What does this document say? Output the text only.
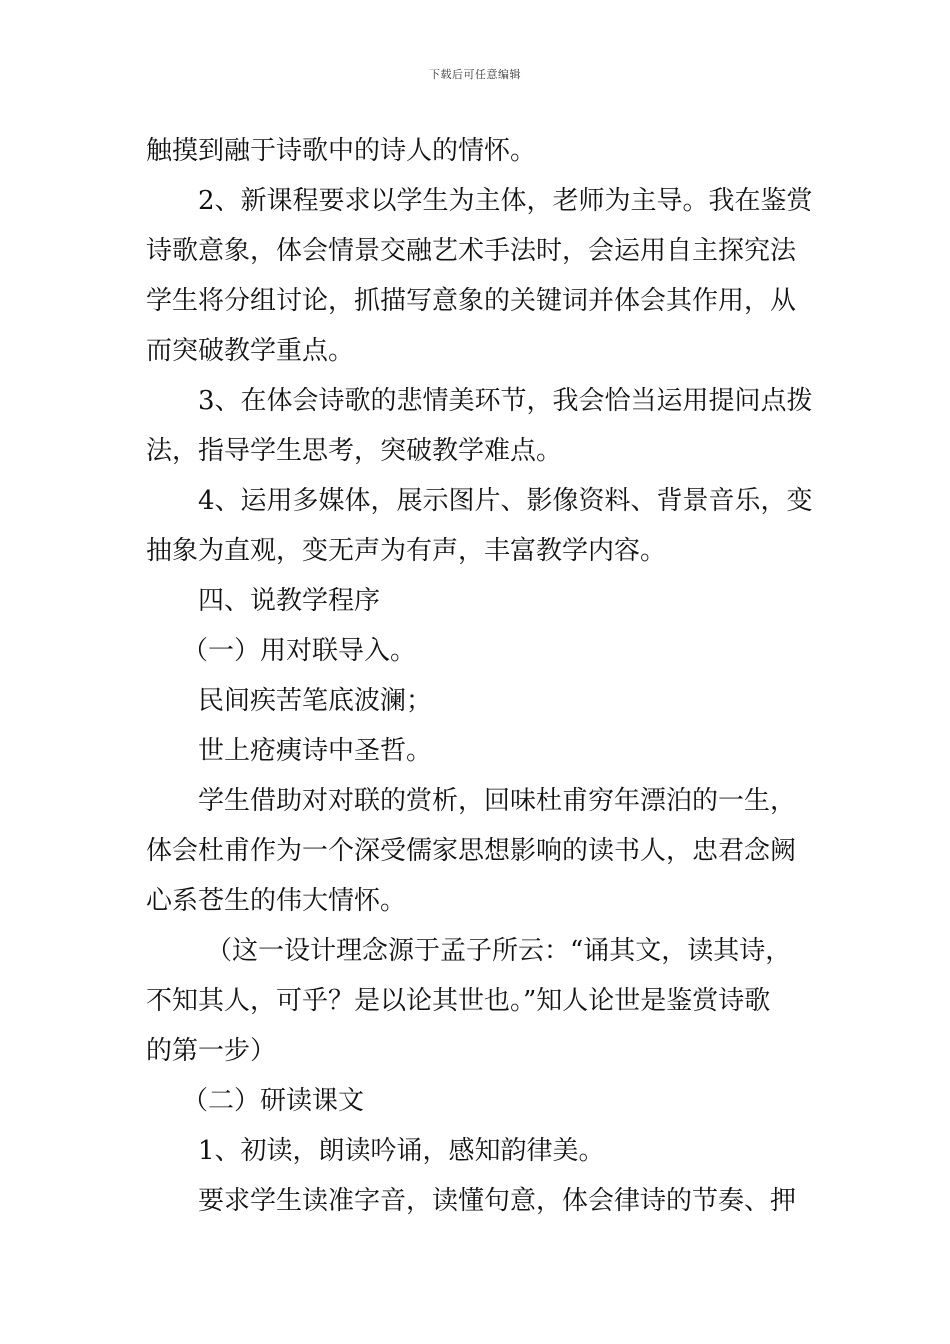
下载后可任意编辑
触摸到融于诗歌中的诗人的情怀。
2、新课程要求以学生为主体，老师为主导。我在鉴赏
诗歌意象，体会情景交融艺术手法时，会运用自主探究法
学生将分组讨论，抓描写意象的关键词并体会其作用，从
而突破教学重点。
3、在体会诗歌的悲情美环节，我会恰当运用提问点拨
法，指导学生思考，突破教学难点。
4、运用多媒体，展示图片、影像资料、背景音乐，变
抽象为直观，变无声为有声，丰富教学内容。
四、说教学程序
（一）用对联导入。
民间疾苦笔底波澜；
世上疮痍诗中圣哲。
学生借助对对联的赏析，回味杜甫穷年漂泊的一生，
体会杜甫作为一个深受儒家思想影响的读书人，忠君念阙
心系苍生的伟大情怀。
（这一设计理念源于孟子所云：“诵其文，读其诗，
不知其人，可乎？是以论其世也。”知人论世是鉴赏诗歌
的第一步）
（二）研读课文
1、初读，朗读吟诵，感知韵律美。
要求学生读准字音，读懂句意，体会律诗的节奏、押
